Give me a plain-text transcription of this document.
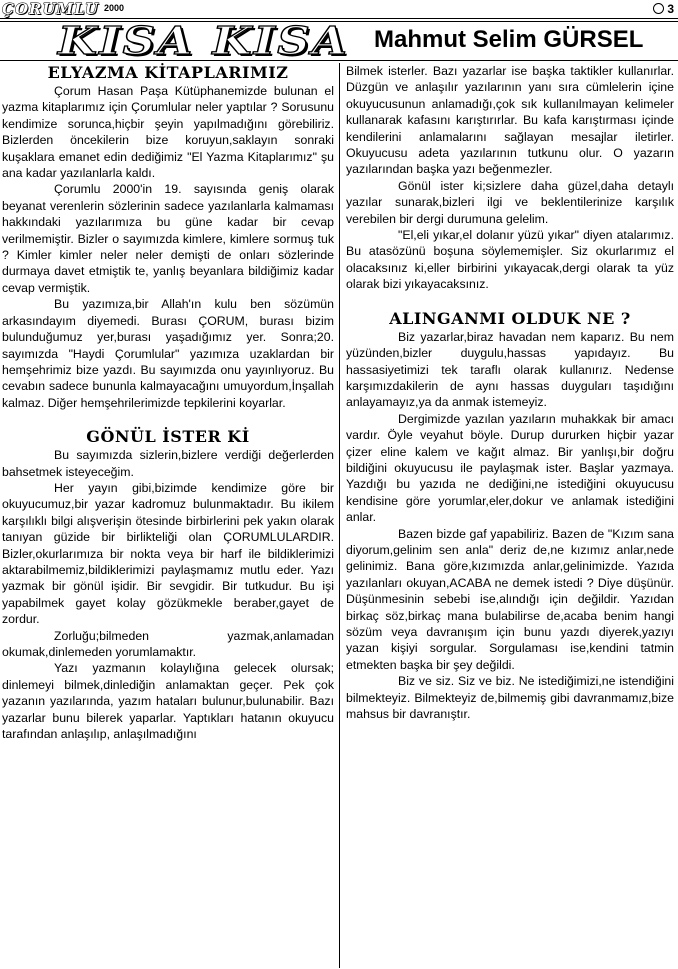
ÇORUMLU 2000	3
KISA KISA Mahmut Selim GÜRSEL
ELYAZMA KİTAPLARIMIZ

Çorum Hasan Paşa Kütüphanemizde bulunan el yazma kitaplarımız için Çorumlular neler yaptılar ? Sorusunu kendimize sorunca,hiçbir şeyin yapılmadığını görebiliriz. Bizlerden öncekilerin bize koruyun,saklayın sonraki kuşaklara emanet edin dediğimiz "El Yazma Kitaplarımız" şu ana kadar yazılanlarla kaldı.

Çorumlu 2000'in 19. sayısında geniş olarak beyanat verenlerin sözlerinin sadece yazılanlarla kalmaması hakkındaki yazılarımıza bu güne kadar bir cevap verilmemiştir. Bizler o sayımızda kimlere, kimlere sormuş tuk ? Kimler kimler neler neler demişti de onları sözlerinde durmaya davet etmiştik te, yanlış beyanlara bildiğimiz kadar cevap vermiştik.

Bu yazımıza,bir Allah'ın kulu ben sözümün arkasındayım diyemedi. Burası ÇORUM, burası bizim bulunduğumuz yer,burası yaşadığımız yer. Sonra;20. sayımızda "Haydi Çorumlular" yazımıza uzaklardan bir hemşehrimiz bize yazdı. Bu sayımızda onu yayınlıyoruz. Bu cevabın sadece bununla kalmayacağını umuyordum,İnşallah kalmaz. Diğer hemşehrilerimizde tepkilerini koyarlar.

GÖNÜL İSTER Kİ

Bu sayımızda sizlerin,bizlere verdiği değerlerden bahsetmek isteyeceğim.

Her yayın gibi,bizimde kendimize göre bir okuyucumuz,bir yazar kadromuz bulunmaktadır. Bu ikilem karşılıklı bilgi alışverişin ötesinde birbirlerini pek yakın olarak tanıyan güzide bir birlikteliği olan ÇORUMLULARDIR. Bizler,okurlarımıza bir nokta veya bir harf ile bildiklerimizi aktarabilmemiz,bildiklerimizi paylaşmamız mutlu eder. Yazı yazmak bir gönül işidir. Bir sevgidir. Bir tutkudur. Bu işi yapabilmek gayet kolay gözükmekle beraber,gayet de zordur.

Zorluğu;bilmeden yazmak,anlamadan okumak,dinlemeden yorumlamaktır.

Yazı yazmanın kolaylığına gelecek olursak; dinlemeyi bilmek,dinlediğin anlamaktan geçer. Pek çok yazanın yazılarında, yazım hataları bulunur,bulunabilir. Bazı yazarlar bunu bilerek yaparlar. Yaptıkları hatanın okuyucu tarafından anlaşılıp, anlaşılmadığını

Bilmek isterler. Bazı yazarlar ise başka taktikler kullanırlar. Düzgün ve anlaşılır yazılarının yanı sıra cümlelerin içine okuyucusunun anlamadığı,çok sık kullanılmayan kelimeler kullanarak kafasını karıştırırlar. Bu kafa karıştırması içinde kendilerini anlamalarını sağlayan mesajlar iletirler. Okuyucusu adeta yazılarının tutkunu olur. O yazarın yazılarından başka yazı beğenmezler.

Gönül ister ki;sizlere daha güzel,daha detaylı yazılar sunarak,bizleri ilgi ve beklentilerinize karşılık verebilen bir dergi durumuna gelelim.

"El,eli yıkar,el dolanır yüzü yıkar" diyen atalarımız. Bu atasözünü boşuna söylememişler. Siz okurlarımız el olacaksınız ki,eller birbirini yıkayacak,dergi olarak ta yüz olarak bizi yıkayacaksınız.

ALINGANMI OLDUK NE ?

Biz yazarlar,biraz havadan nem kaparız. Bu nem yüzünden,bizler duygulu,hassas yapıdayız. Bu hassasiyetimizi tek taraflı olarak kullanırız. Nedense karşımızdakilerin de aynı hassas duyguları taşıdığını anlayamayız,ya da anmak istemeyiz.

Dergimizde yazılan yazıların muhakkak bir amacı vardır. Öyle veyahut böyle. Durup dururken hiçbir yazar çizer eline kalem ve kağıt almaz. Bir yanlışı,bir doğru bildiğini okuyucusu ile paylaşmak ister. Başlar yazmaya. Yazdığı bu yazıda ne dediğini,ne istediğini okuyucusu kendisine göre yorumlar,eler,dokur ve anlamak istediğini anlar.

Bazen bizde gaf yapabiliriz. Bazen de "Kızım sana diyorum,gelinim sen anla" deriz de,ne kızımız anlar,nede gelinimiz. Bana göre,kızımızda anlar,gelinimizde. Yazıda yazılanları okuyan,ACABA ne demek istedi ? Diye düşünür. Düşünmesinin sebebi ise,alındığı için değildir. Yazıdan birkaç söz,birkaç mana bulabilirse de,acaba benim hangi sözüm veya davranışım için bunu yazdı diyerek,yazıyı yazan kişiyi sorgular. Sorgulaması ise,kendini tatmin etmekten başka bir şey değildi.

Biz ve siz. Siz ve biz. Ne istediğimizi,ne istendiğini bilmekteyiz. Bilmekteyiz de,bilmemiş gibi davranmamız,bize mahsus bir davranıştır.
